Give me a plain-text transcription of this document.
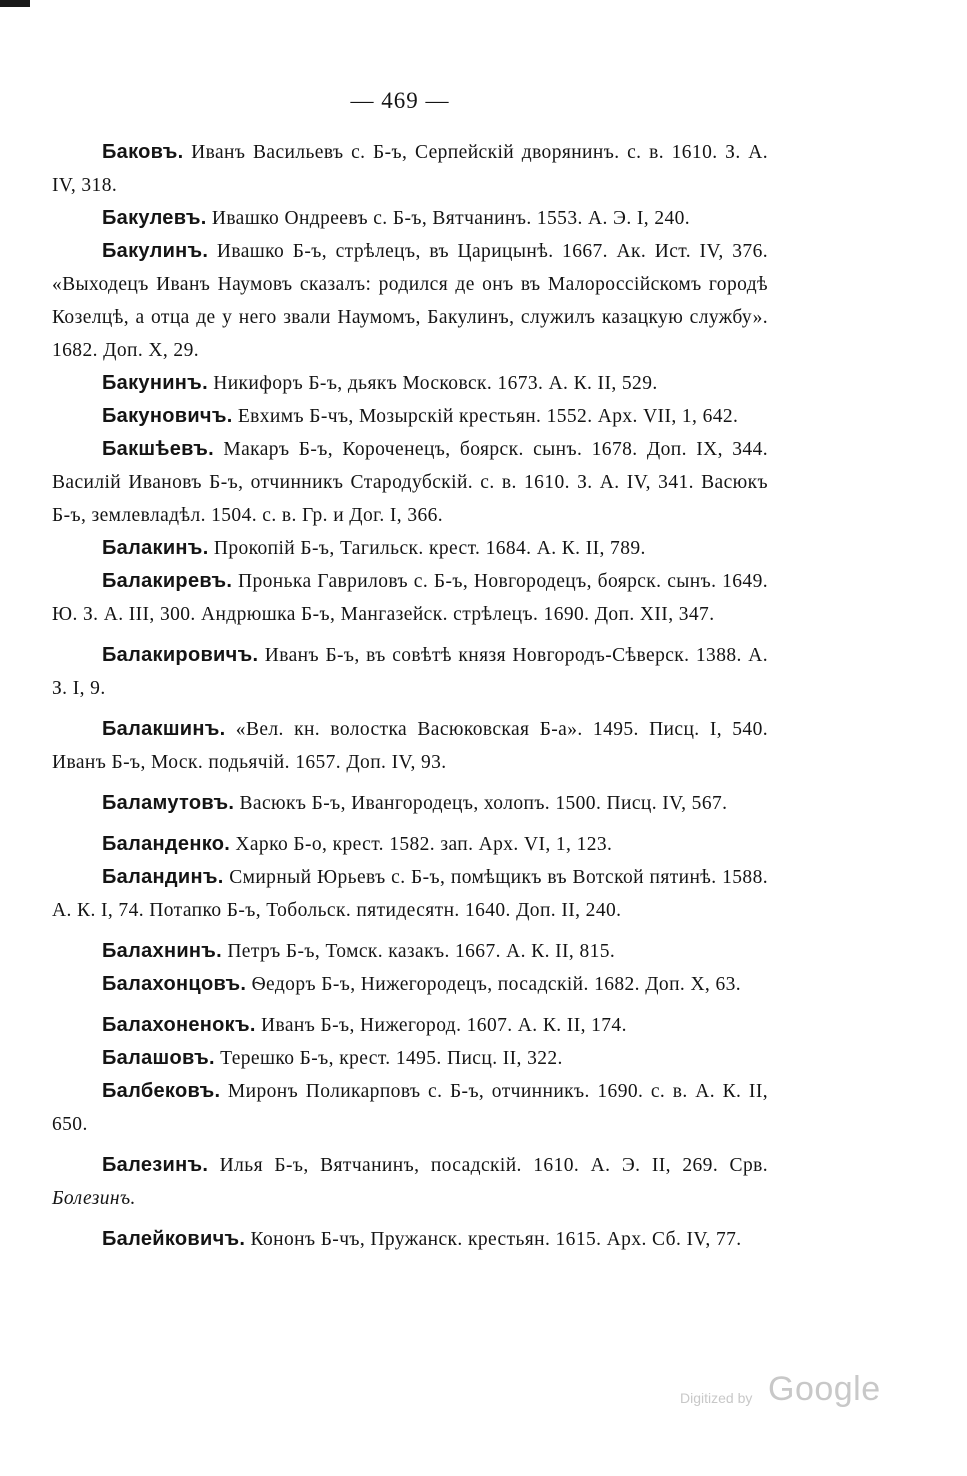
— 469 —

Баковъ. Иванъ Васильевъ с. Б-ъ, Серпейскій дворянинъ. с. в. 1610. З. А. IV, 318.

Бакулевъ. Ивашко Ондреевъ с. Б-ъ, Вятчанинъ. 1553. А. Э. I, 240.

Бакулинъ. Ивашко Б-ъ, стрѣлецъ, въ Царицынѣ. 1667. Ак. Ист. IV, 376. «Выходецъ Иванъ Наумовъ сказалъ: родился де онъ въ Малороссійскомъ городѣ Козелцѣ, а отца де у него звали Наумомъ, Бакулинъ, служилъ казацкую службу». 1682. Доп. X, 29.

Бакунинъ. Никифоръ Б-ъ, дьякъ Московск. 1673. А. К. II, 529.

Бакуновичъ. Евхимъ Б-чъ, Мозырскій крестьян. 1552. Арх. VII, 1, 642.

Бакшѣевъ. Макаръ Б-ъ, Короченецъ, боярск. сынъ. 1678. Доп. IX, 344. Василій Ивановъ Б-ъ, отчинникъ Стародубскій. с. в. 1610. З. А. IV, 341. Васюкъ Б-ъ, землевладѣл. 1504. с. в. Гр. и Дог. I, 366.

Балакинъ. Прокопій Б-ъ, Тагильск. крест. 1684. А. К. II, 789.

Балакиревъ. Пронька Гавриловъ с. Б-ъ, Новгородецъ, боярск. сынъ. 1649. Ю. З. А. III, 300. Андрюшка Б-ъ, Мангазейск. стрѣлецъ. 1690. Доп. XII, 347.

Балакировичъ. Иванъ Б-ъ, въ совѣтѣ князя Новгородъ-Сѣверск. 1388. А. З. I, 9.

Балакшинъ. «Вел. кн. волостка Васюковская Б-а». 1495. Писц. I, 540. Иванъ Б-ъ, Моск. подьячій. 1657. Доп. IV, 93.

Баламутовъ. Васюкъ Б-ъ, Ивангородецъ, холопъ. 1500. Писц. IV, 567.

Баланденко. Харко Б-о, крест. 1582. зап. Арх. VI, 1, 123.

Баландинъ. Смирный Юрьевъ с. Б-ъ, помѣщикъ въ Вотской пятинѣ. 1588. А. К. I, 74. Потапко Б-ъ, Тобольск. пятидесятн. 1640. Доп. II, 240.

Балахнинъ. Петръ Б-ъ, Томск. казакъ. 1667. А. К. II, 815.

Балахонцовъ. Ѳедоръ Б-ъ, Нижегородецъ, посадскій. 1682. Доп. X, 63.

Балахоненокъ. Иванъ Б-ъ, Нижегород. 1607. А. К. II, 174.

Балашовъ. Терешко Б-ъ, крест. 1495. Писц. II, 322.

Балбековъ. Миронъ Поликарповъ с. Б-ъ, отчинникъ. 1690. с. в. А. К. II, 650.

Балезинъ. Илья Б-ъ, Вятчанинъ, посадскій. 1610. А. Э. II, 269. Срв. Болезинъ.

Балейковичъ. Кононъ Б-чъ, Пружанск. крестьян. 1615. Арх. Сб. IV, 77.

Digitized by Google
